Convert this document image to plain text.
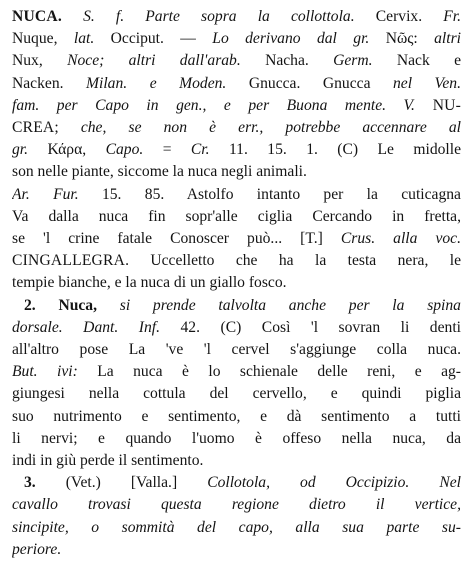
NUCA. S. f. Parte sopra la collottola. Cervix. Fr.
Nuque, lat. Occiput. — Lo derivano dal gr. Νῶς: altri
Nux, Noce; altri dall'arab. Nacha. Germ. Nack e
Nacken. Milan. e Moden. Gnucca. Gnucca nel Ven.
fam. per Capo in gen., e per Buona mente. V. NU-
CREA; che, se non è err., potrebbe accennare al
gr. Κάρα, Capo. = Cr. 11. 15. 1. (C) Le midolle
son nelle piante, siccome la nuca negli animali.
Ar. Fur. 15. 85. Astolfo intanto per la cuticagna
Va dalla nuca fin sopr'alle ciglia Cercando in fretta,
se 'l crine fatale Conoscer può... [T.] Crus. alla voc.
CINGALLEGRA. Uccelletto che ha la testa nera, le
tempie bianche, e la nuca di un giallo fosco.
2. Nuca, si prende talvolta anche per la spina
dorsale. Dant. Inf. 42. (C) Così 'l sovran li denti
all'altro pose La 've 'l cervel s'aggiunge colla nuca.
But. ivi: La nuca è lo schienale delle reni, e ag-
giungesi nella cottula del cervello, e quindi piglia
suo nutrimento e sentimento, e dà sentimento a tutti
li nervi; e quando l'uomo è offeso nella nuca, da
indi in giù perde il sentimento.
3. (Vet.) [Valla.] Collotola, od Occipizio. Nel
cavallo trovasi questa regione dietro il vertice,
sincipite, o sommità del capo, alla sua parte su-
periore.
